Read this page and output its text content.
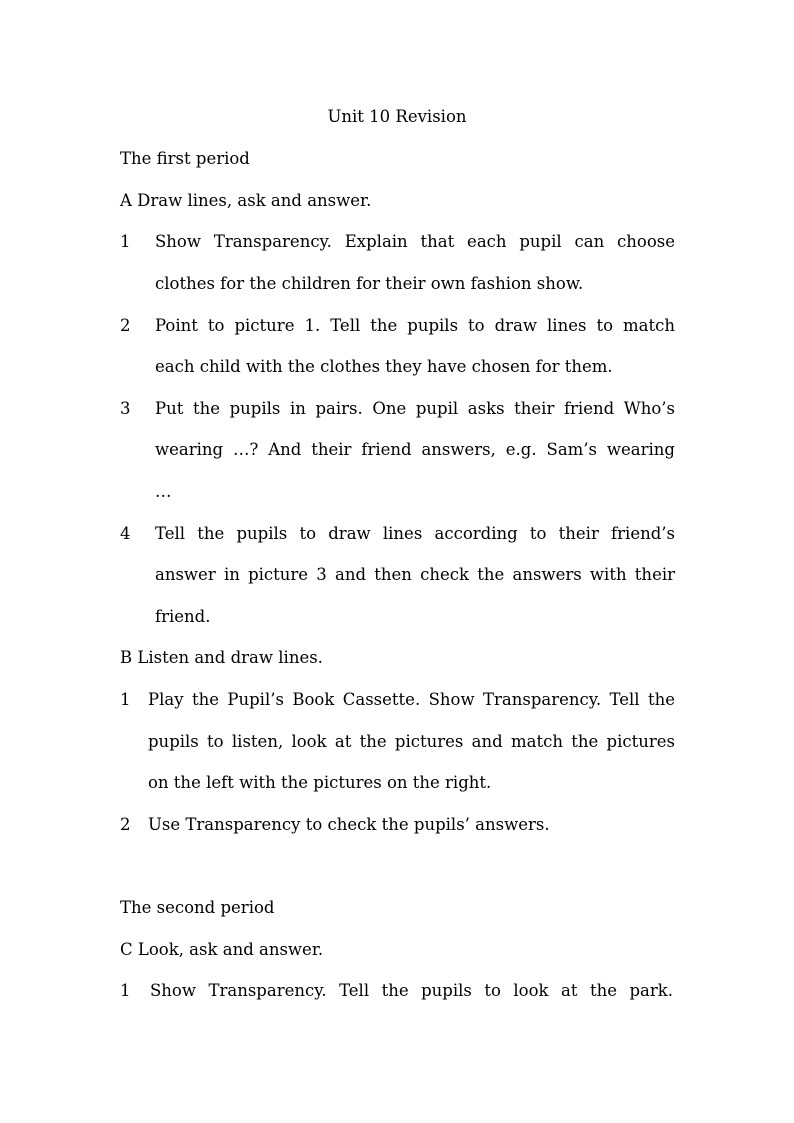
Unit 10 Revision
The first period
A Draw lines, ask and answer.
1 Show Transparency. Explain that each pupil can choose
clothes for the children for their own fashion show.
2 Point to picture 1. Tell the pupils to draw lines to match
each child with the clothes they have chosen for them.
3 Put the pupils in pairs. One pupil asks their friend Who’s
wearing …? And their friend answers, e.g. Sam’s wearing
…
4 Tell the pupils to draw lines according to their friend’s
answer in picture 3 and then check the answers with their
friend.
B Listen and draw lines.
1 Play the Pupil’s Book Cassette. Show Transparency. Tell the
pupils to listen, look at the pictures and match the pictures
on the left with the pictures on the right.
2 Use Transparency to check the pupils’ answers.
The second period
C Look, ask and answer.
1 Show Transparency. Tell the pupils to look at the park.
